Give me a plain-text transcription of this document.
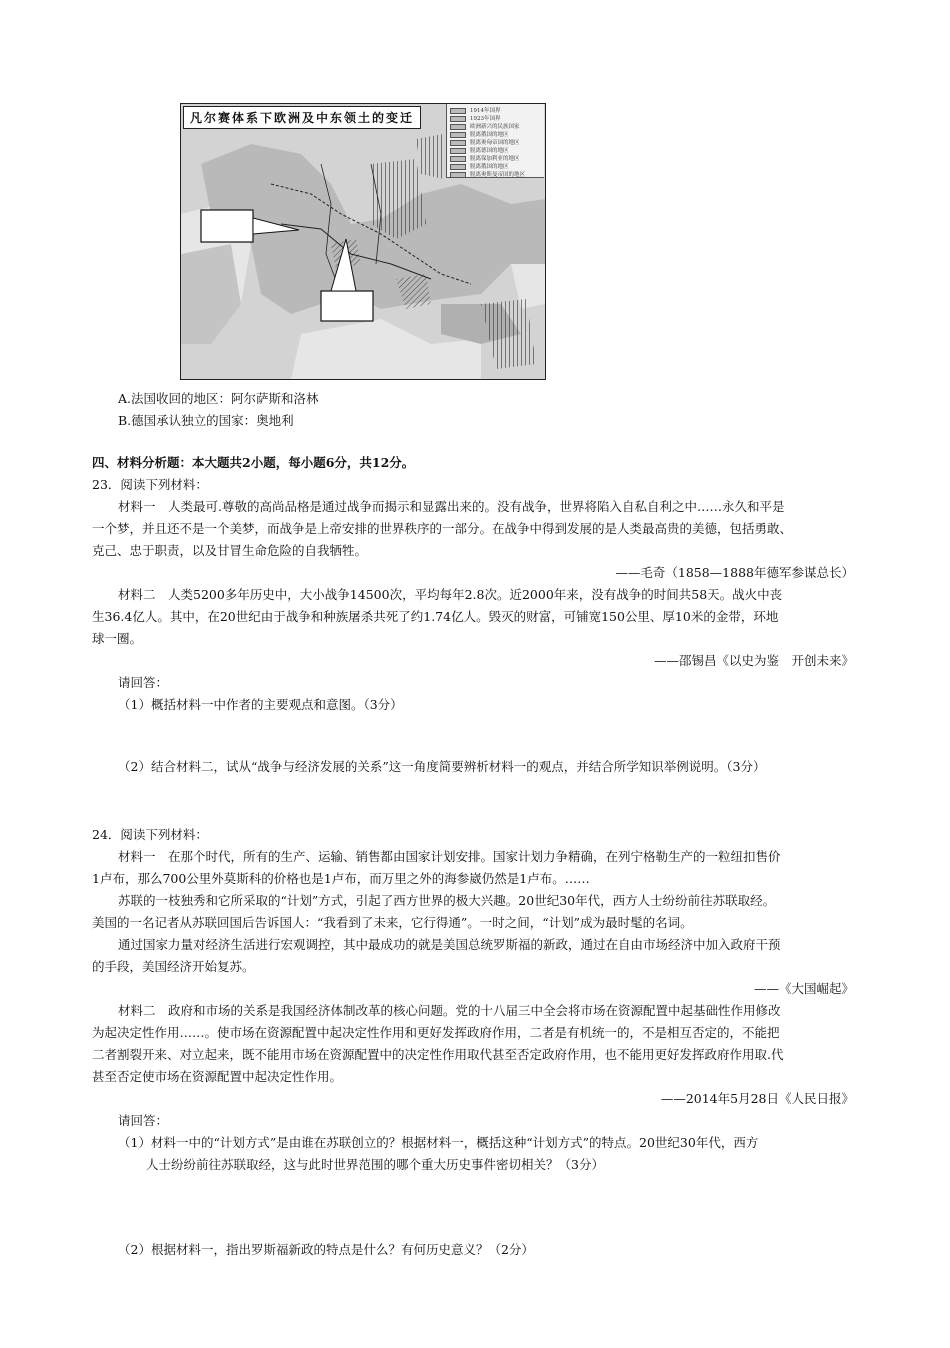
凡尔赛体系下欧洲及中东领土的变迁	1914年国界
1923年国界
欧洲新兴的民族国家
脱离俄国的地区
脱离奥匈帝国的地区
脱离德国的地区
脱离保加利亚的地区
脱离俄国的地区
脱离奥斯曼帝国的地区
A.法国收回的地区：阿尔萨斯和洛林
B.德国承认独立的国家：奥地利
四、材料分析题：本大题共2小题，每小题6分，共12分。
23．阅读下列材料：
材料一　人类最可.尊敬的高尚品格是通过战争而揭示和显露出来的。没有战争，世界将陷入自私自利之中……永久和平是
一个梦，并且还不是一个美梦，而战争是上帝安排的世界秩序的一部分。在战争中得到发展的是人类最高贵的美德，包括勇敢、
克己、忠于职责，以及甘冒生命危险的自我牺牲。
——毛奇（1858—1888年德军参谋总长）
材料二　人类5200多年历史中，大小战争14500次，平均每年2.8次。近2000年来，没有战争的时间共58天。战火中丧
生36.4亿人。其中，在20世纪由于战争和种族屠杀共死了约1.74亿人。毁灭的财富，可铺宽150公里、厚10米的金带，环地
球一圈。
——邵锡昌《以史为鉴　开创未来》
请回答：
（1）概括材料一中作者的主要观点和意图。（3分）
（2）结合材料二，试从“战争与经济发展的关系”这一角度简要辨析材料一的观点，并结合所学知识举例说明。（3分）
24．阅读下列材料：
材料一　在那个时代，所有的生产、运输、销售都由国家计划安排。国家计划力争精确，在列宁格勒生产的一粒纽扣售价
1卢布，那么700公里外莫斯科的价格也是1卢布，而万里之外的海参崴仍然是1卢布。……
苏联的一枝独秀和它所采取的“计划”方式，引起了西方世界的极大兴趣。20世纪30年代，西方人士纷纷前往苏联取经。
美国的一名记者从苏联回国后告诉国人：“我看到了未来，它行得通”。一时之间，“计划”成为最时髦的名词。
通过国家力量对经济生活进行宏观调控，其中最成功的就是美国总统罗斯福的新政，通过在自由市场经济中加入政府干预
的手段，美国经济开始复苏。
——《大国崛起》
材料二　政府和市场的关系是我国经济体制改革的核心问题。党的十八届三中全会将市场在资源配置中起基础性作用修改
为起决定性作用……。使市场在资源配置中起决定性作用和更好发挥政府作用，二者是有机统一的，不是相互否定的，不能把
二者割裂开来、对立起来，既不能用市场在资源配置中的决定性作用取代甚至否定政府作用，也不能用更好发挥政府作用取.代
甚至否定使市场在资源配置中起决定性作用。
——2014年5月28日《人民日报》
请回答：
（1）材料一中的“计划方式”是由谁在苏联创立的？根据材料一，概括这种“计划方式”的特点。20世纪30年代，西方
人士纷纷前往苏联取经，这与此时世界范围的哪个重大历史事件密切相关？（3分）
（2）根据材料一，指出罗斯福新政的特点是什么？有何历史意义？（2分）
